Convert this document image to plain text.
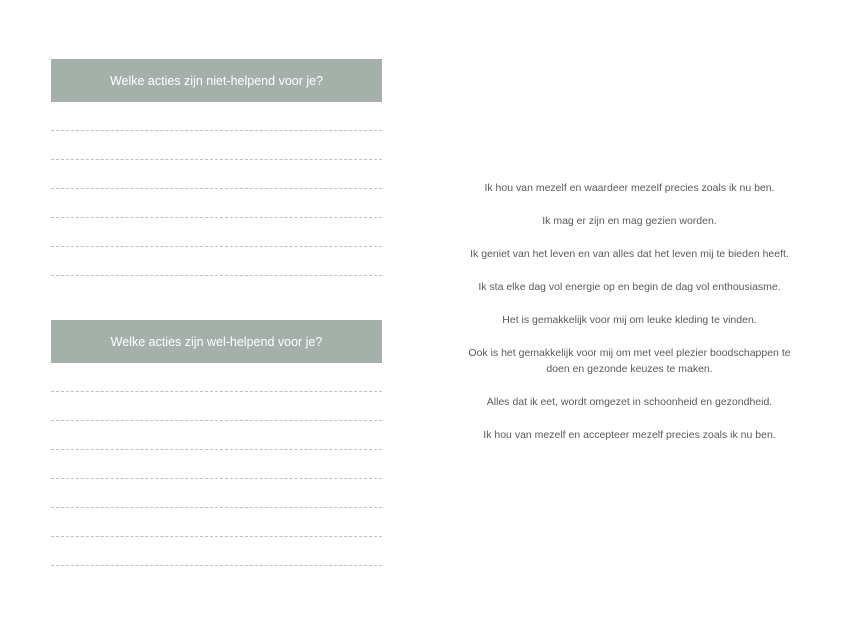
Welke acties zijn niet-helpend voor je?
Welke acties zijn wel-helpend voor je?

Ik hou van mezelf en waardeer mezelf precies zoals ik nu ben.

Ik mag er zijn en mag gezien worden.

Ik geniet van het leven en van alles dat het leven mij te bieden heeft.

Ik sta elke dag vol energie op en begin de dag vol enthousiasme.

Het is gemakkelijk voor mij om leuke kleding te vinden.

Ook is het gemakkelijk voor mij om met veel plezier boodschappen te doen en gezonde keuzes te maken.

Alles dat ik eet, wordt omgezet in schoonheid en gezondheid.

Ik hou van mezelf en accepteer mezelf precies zoals ik nu ben.
